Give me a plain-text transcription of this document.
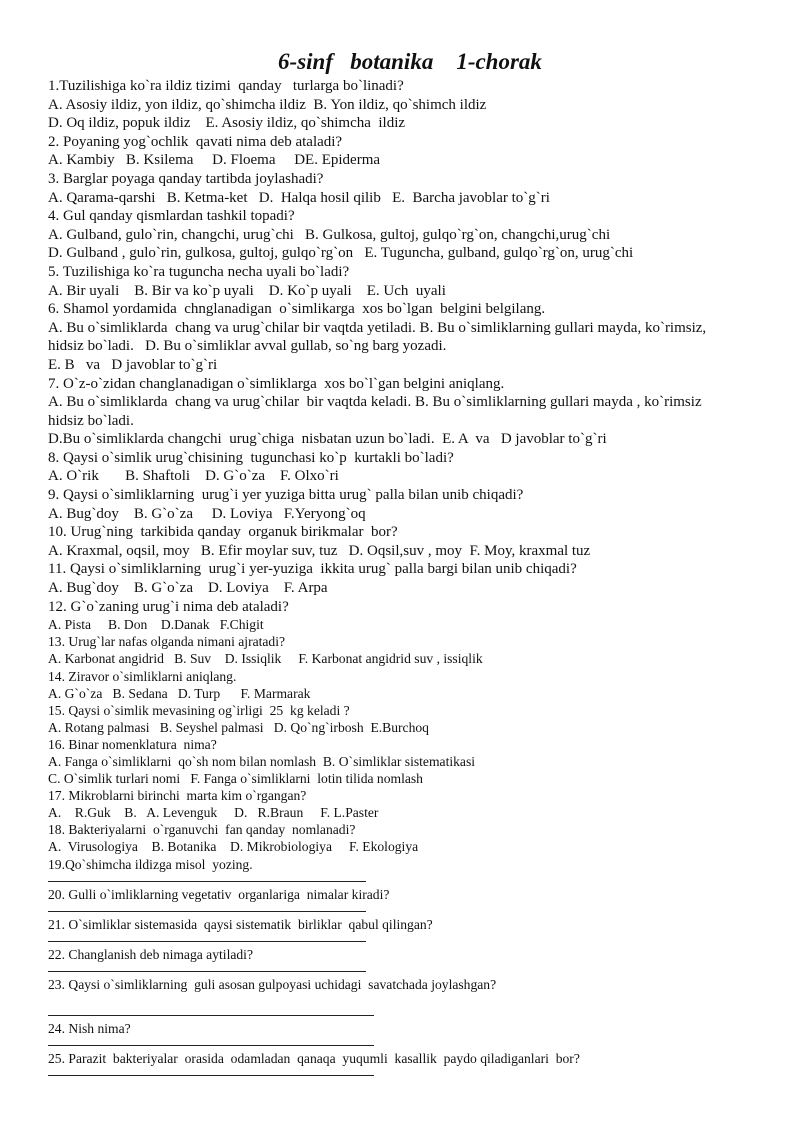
6-sinf   botanika    1-chorak
1.Tuzilishiga ko`ra ildiz tizimi  qanday   turlarga bo`linadi?
A. Asosiy ildiz, yon ildiz, qo`shimcha ildiz  B. Yon ildiz, qo`shimch ildiz
D. Oq ildiz, popuk ildiz    E. Asosiy ildiz, qo`shimcha  ildiz
2. Poyaning yog`ochlik  qavati nima deb ataladi?
A. Kambiy   B. Ksilema     D. Floema     DE. Epiderma
3. Barglar poyaga qanday tartibda joylashadi?
A. Qarama-qarshi   B. Ketma-ket   D.  Halqa hosil qilib   E.  Barcha javoblar to`g`ri
4. Gul qanday qismlardan tashkil topadi?
A. Gulband, gulo`rin, changchi, urug`chi   B. Gulkosa, gultoj, gulqo`rg`on, changchi,urug`chi
D. Gulband , gulo`rin, gulkosa, gultoj, gulqo`rg`on   E. Tuguncha, gulband, gulqo`rg`on, urug`chi
5. Tuzilishiga ko`ra tuguncha necha uyali bo`ladi?
A. Bir uyali    B. Bir va ko`p uyali    D. Ko`p uyali    E. Uch  uyali
6. Shamol yordamida  chnglanadigan  o`simlikarga  xos bo`lgan  belgini belgilang.
A. Bu o`simliklarda  chang va urug`chilar bir vaqtda yetiladi. B. Bu o`simliklarning gullari mayda, ko`rimsiz,
hidsiz bo`ladi.   D. Bu o`simliklar avval gullab, so`ng barg yozadi.
E. B   va   D javoblar to`g`ri
7. O`z-o`zidan changlanadigan o`simliklarga  xos bo`l`gan belgini aniqlang.
A. Bu o`simliklarda  chang va urug`chilar  bir vaqtda keladi. B. Bu o`simliklarning gullari mayda , ko`rimsiz
hidsiz bo`ladi.
D.Bu o`simliklarda changchi  urug`chiga  nisbatan uzun bo`ladi.  E. A  va   D javoblar to`g`ri
8. Qaysi o`simlik urug`chisining  tugunchasi ko`p  kurtakli bo`ladi?
A. O`rik       B. Shaftoli    D. G`o`za    F. Olxo`ri
9. Qaysi o`simliklarning  urug`i yer yuziga bitta urug` palla bilan unib chiqadi?
A. Bug`doy    B. G`o`za     D. Loviya   F.Yeryong`oq
10. Urug`ning  tarkibida qanday  organuk birikmalar  bor?
A. Kraxmal, oqsil, moy   B. Efir moylar suv, tuz   D. Oqsil,suv , moy  F. Moy, kraxmal tuz
11. Qaysi o`simliklarning  urug`i yer-yuziga  ikkita urug` palla bargi bilan unib chiqadi?
A. Bug`doy    B. G`o`za    D. Loviya    F. Arpa
12. G`o`zaning urug`i nima deb ataladi?
A. Pista     B. Don    D.Danak   F.Chigit
13. Urug`lar nafas olganda nimani ajratadi?
A. Karbonat angidrid   B. Suv    D. Issiqlik     F. Karbonat angidrid suv , issiqlik
14. Ziravor o`simliklarni aniqlang.
A. G`o`za   B. Sedana   D. Turp      F. Marmarak
15. Qaysi o`simlik mevasining og`irligi  25  kg keladi ?
A. Rotang palmasi   B. Seyshel palmasi   D. Qo`ng`irbosh  E.Burchoq
16. Binar nomenklatura  nima?
A. Fanga o`simliklarni  qo`sh nom bilan nomlash  B. O`simliklar sistematikasi
C. O`simlik turlari nomi   F. Fanga o`simliklarni  lotin tilida nomlash
17. Mikroblarni birinchi  marta kim o`rgangan?
A.    R.Guk    B.   A. Levenguk     D.   R.Braun     F. L.Paster
18. Bakteriyalarni  o`rganuvchi  fan qanday  nomlanadi?
A.  Virusologiya    B. Botanika    D. Mikrobiologiya     F. Ekologiya
19.Qo`shimcha ildizga misol  yozing.
20. Gulli o`imliklarning vegetativ  organlariga  nimalar kiradi?
21. O`simliklar sistemasida  qaysi sistematik  birliklar  qabul qilingan?
22. Changlanish deb nimaga aytiladi?
23. Qaysi o`simliklarning  guli asosan gulpoyasi uchidagi  savatchada joylashgan?
24. Nish nima?
25. Parazit  bakteriyalar  orasida  odamladan  qanaqa  yuqumli  kasallik  paydo qiladiganlari  bor?
